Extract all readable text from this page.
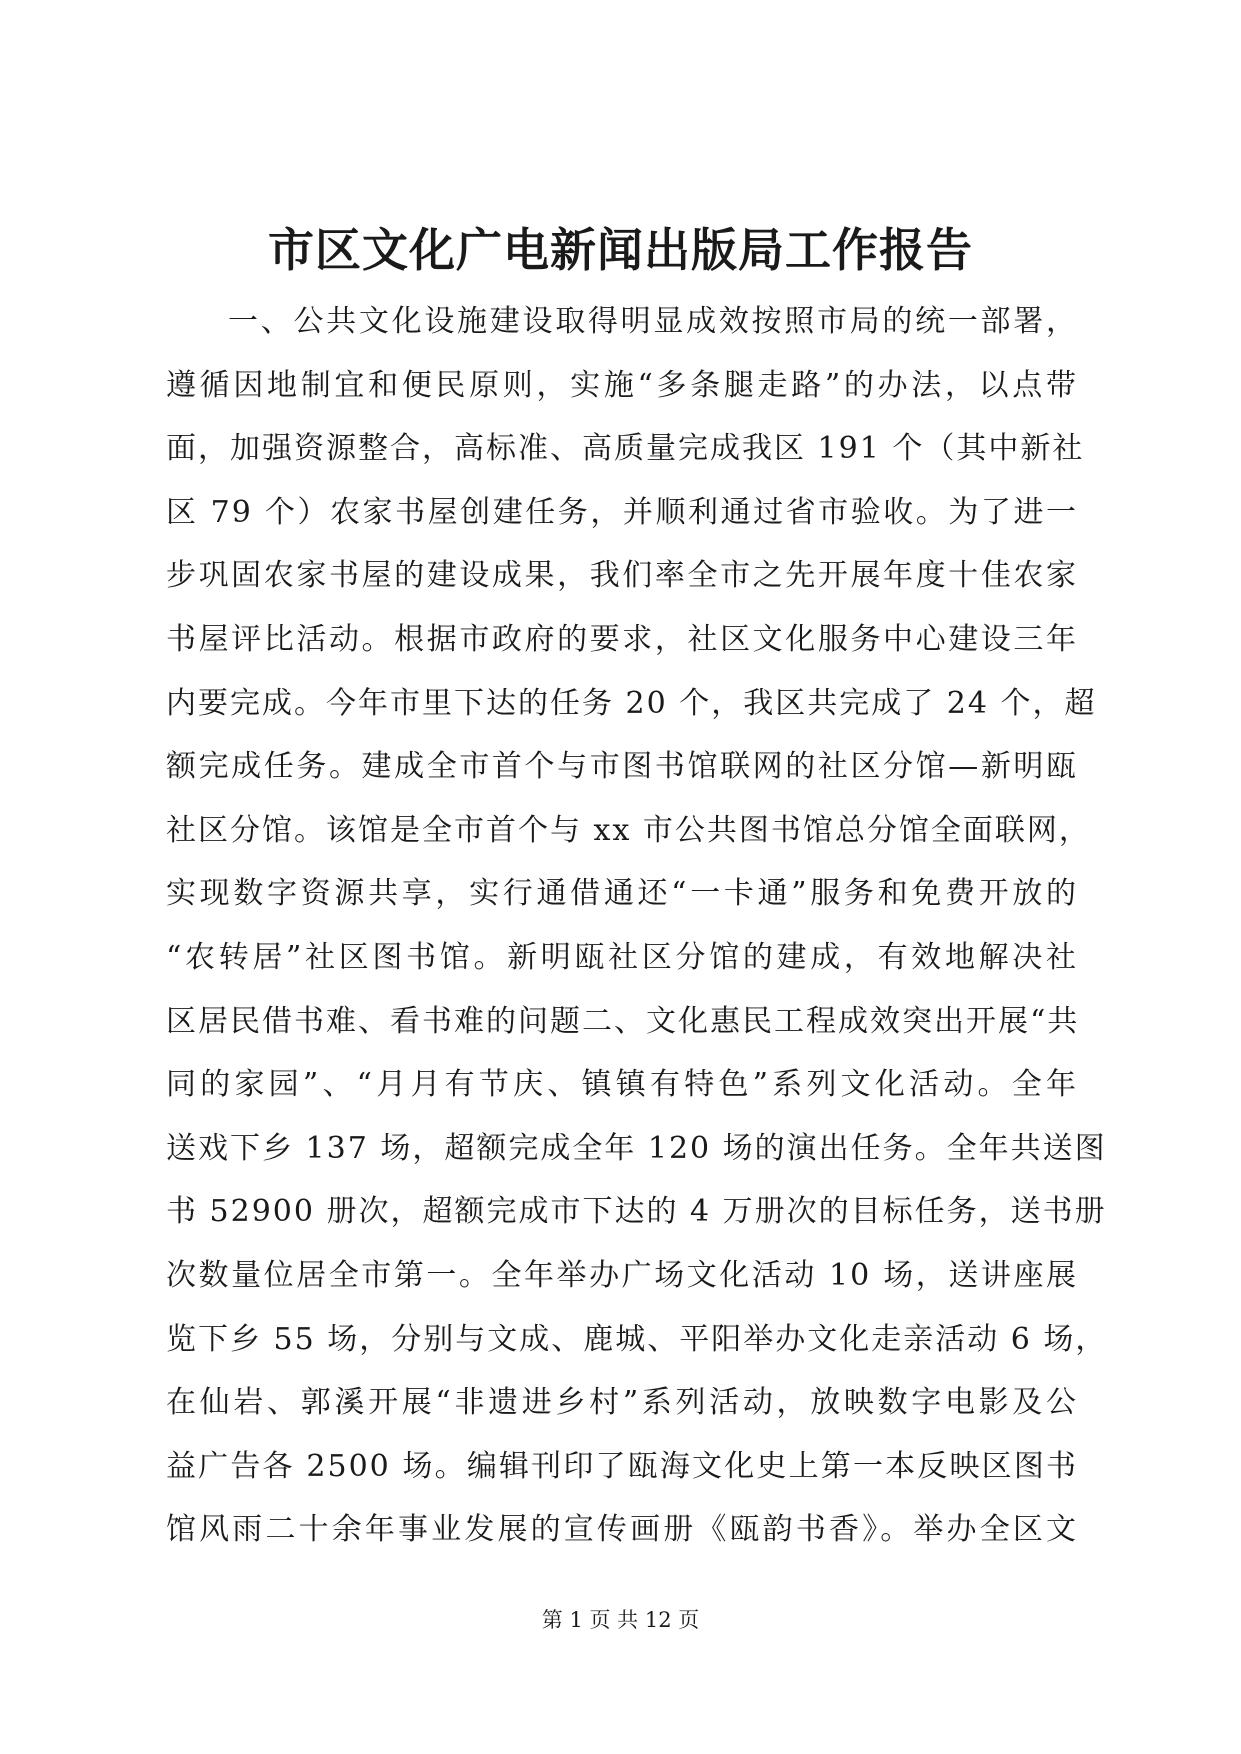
市区文化广电新闻出版局工作报告
一、公共文化设施建设取得明显成效按照市局的统一部署，
遵循因地制宜和便民原则，实施“多条腿走路”的办法，以点带
面，加强资源整合，高标准、高质量完成我区 191 个（其中新社
区 79 个）农家书屋创建任务，并顺利通过省市验收。为了进一
步巩固农家书屋的建设成果，我们率全市之先开展年度十佳农家
书屋评比活动。根据市政府的要求，社区文化服务中心建设三年
内要完成。今年市里下达的任务 20 个，我区共完成了 24 个，超
额完成任务。建成全市首个与市图书馆联网的社区分馆—新明瓯
社区分馆。该馆是全市首个与 xx 市公共图书馆总分馆全面联网，
实现数字资源共享，实行通借通还“一卡通”服务和免费开放的
“农转居”社区图书馆。新明瓯社区分馆的建成，有效地解决社
区居民借书难、看书难的问题二、文化惠民工程成效突出开展“共
同的家园”、“月月有节庆、镇镇有特色”系列文化活动。全年
送戏下乡 137 场，超额完成全年 120 场的演出任务。全年共送图
书 52900 册次，超额完成市下达的 4 万册次的目标任务，送书册
次数量位居全市第一。全年举办广场文化活动 10 场，送讲座展
览下乡 55 场，分别与文成、鹿城、平阳举办文化走亲活动 6 场，
在仙岩、郭溪开展“非遗进乡村”系列活动，放映数字电影及公
益广告各 2500 场。编辑刊印了瓯海文化史上第一本反映区图书
馆风雨二十余年事业发展的宣传画册《瓯韵书香》。举办全区文
第 1 页 共 12 页
